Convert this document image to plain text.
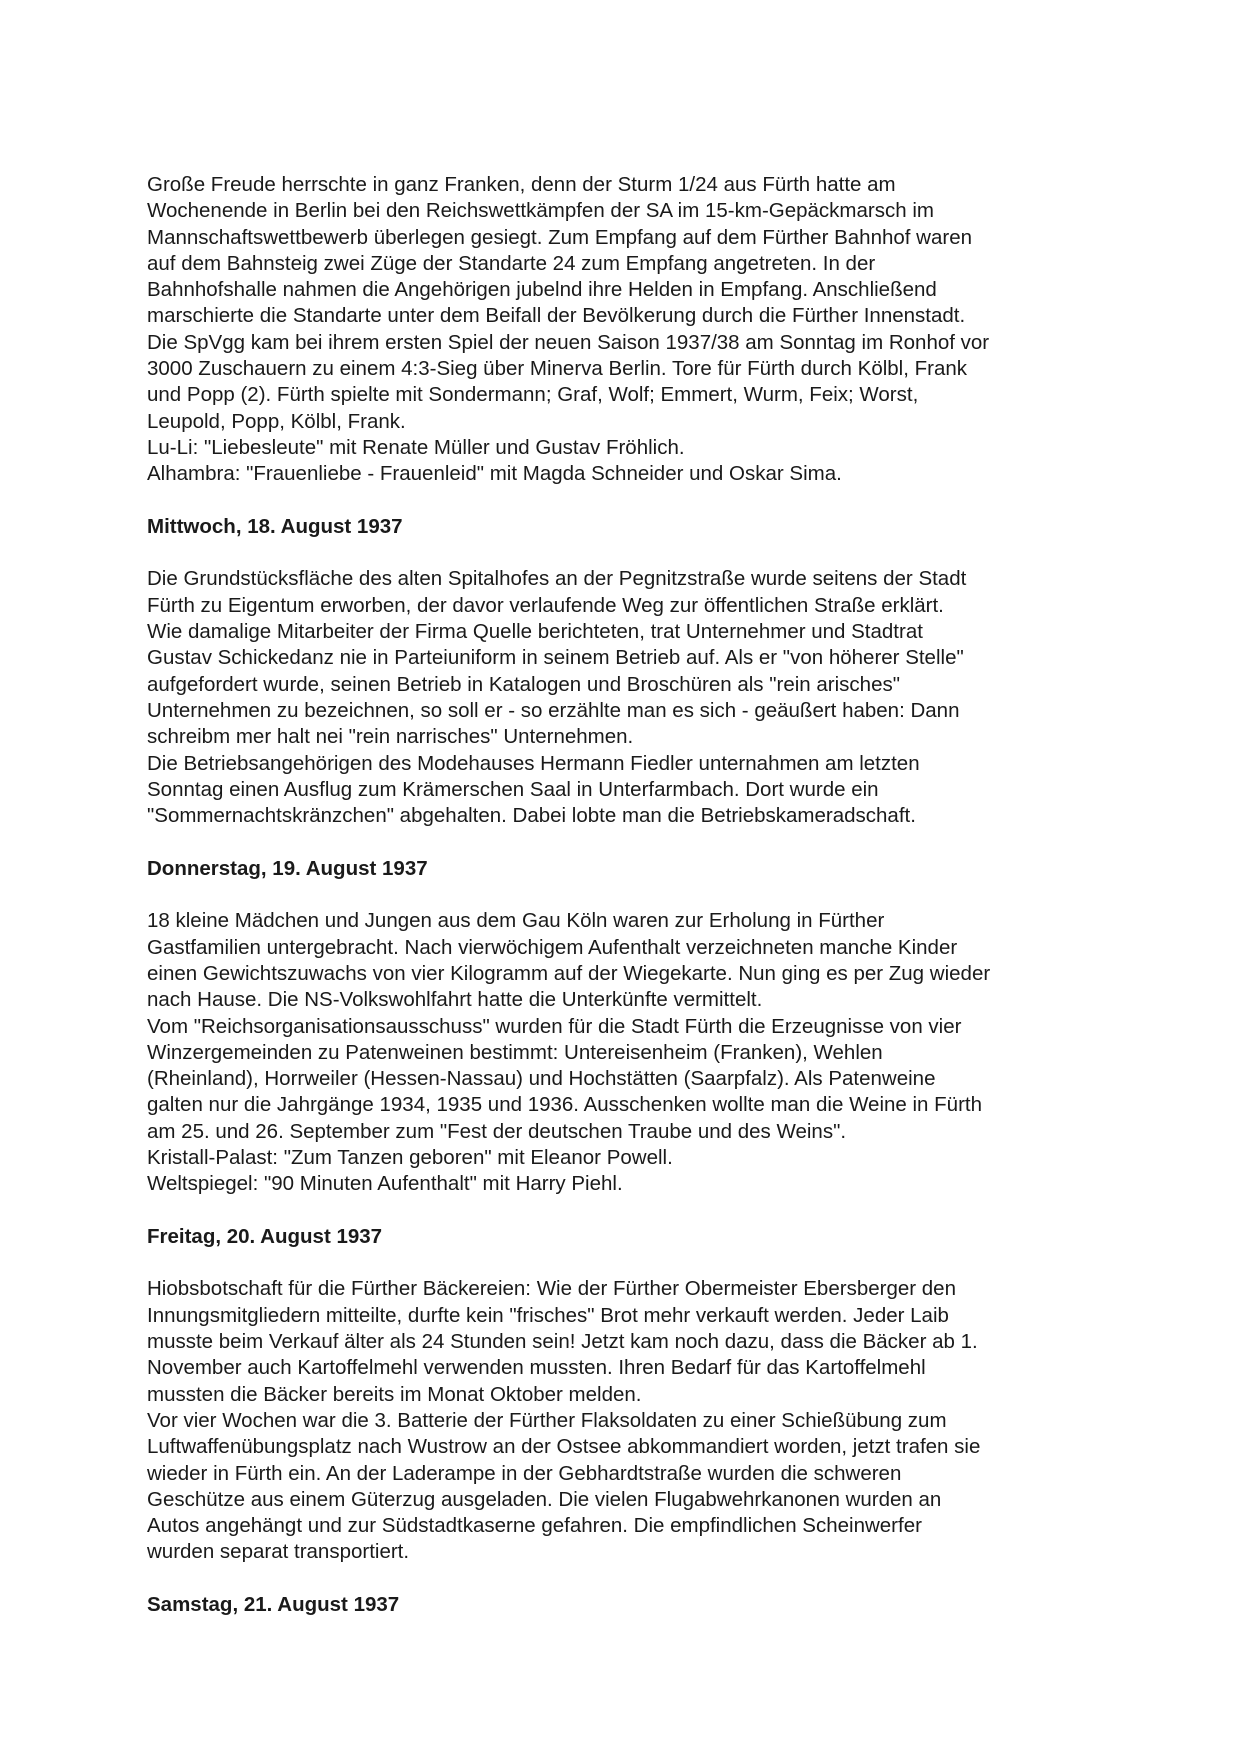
Große Freude herrschte in ganz Franken, denn der Sturm 1/24 aus Fürth hatte am
Wochenende in Berlin bei den Reichswettkämpfen der SA im 15-km-Gepäckmarsch im
Mannschaftswettbewerb überlegen gesiegt. Zum Empfang auf dem Fürther Bahnhof waren
auf dem Bahnsteig zwei Züge der Standarte 24 zum Empfang angetreten. In der
Bahnhofshalle nahmen die Angehörigen jubelnd ihre Helden in Empfang. Anschließend
marschierte die Standarte unter dem Beifall der Bevölkerung durch die Fürther Innenstadt.
Die SpVgg kam bei ihrem ersten Spiel der neuen Saison 1937/38 am Sonntag im Ronhof vor
3000 Zuschauern zu einem 4:3-Sieg über Minerva Berlin. Tore für Fürth durch Kölbl, Frank
und Popp (2). Fürth spielte mit Sondermann; Graf, Wolf; Emmert, Wurm, Feix; Worst,
Leupold, Popp, Kölbl, Frank.
Lu-Li: "Liebesleute" mit Renate Müller und Gustav Fröhlich.
Alhambra: "Frauenliebe - Frauenleid" mit Magda Schneider und Oskar Sima.
Mittwoch, 18. August 1937
Die Grundstücksfläche des alten Spitalhofes an der Pegnitzstraße wurde seitens der Stadt
Fürth zu Eigentum erworben, der davor verlaufende Weg zur öffentlichen Straße erklärt.
Wie damalige Mitarbeiter der Firma Quelle berichteten, trat Unternehmer und Stadtrat
Gustav Schickedanz nie in Parteiuniform in seinem Betrieb auf. Als er "von höherer Stelle"
aufgefordert wurde, seinen Betrieb in Katalogen und Broschüren als "rein arisches"
Unternehmen zu bezeichnen, so soll er - so erzählte man es sich - geäußert haben: Dann
schreibm mer halt nei "rein narrisches" Unternehmen.
Die Betriebsangehörigen des Modehauses Hermann Fiedler unternahmen am letzten
Sonntag einen Ausflug zum Krämerschen Saal in Unterfarmbach. Dort wurde ein
"Sommernachtskränzchen" abgehalten. Dabei lobte man die Betriebskameradschaft.
Donnerstag, 19. August 1937
18 kleine Mädchen und Jungen aus dem Gau Köln waren zur Erholung in Fürther
Gastfamilien untergebracht. Nach vierwöchigem Aufenthalt verzeichneten manche Kinder
einen Gewichtszuwachs von vier Kilogramm auf der Wiegekarte. Nun ging es per Zug wieder
nach Hause. Die NS-Volkswohlfahrt hatte die Unterkünfte vermittelt.
Vom "Reichsorganisationsausschuss" wurden für die Stadt Fürth die Erzeugnisse von vier
Winzergemeinden zu Patenweinen bestimmt: Untereisenheim (Franken), Wehlen
(Rheinland), Horrweiler (Hessen-Nassau) und Hochstätten (Saarpfalz). Als Patenweine
galten nur die Jahrgänge 1934, 1935 und 1936. Ausschenken wollte man die Weine in Fürth
am 25. und 26. September zum "Fest der deutschen Traube und des Weins".
Kristall-Palast: "Zum Tanzen geboren" mit Eleanor Powell.
Weltspiegel: "90 Minuten Aufenthalt" mit Harry Piehl.
Freitag, 20. August 1937
Hiobsbotschaft für die Fürther Bäckereien: Wie der Fürther Obermeister Ebersberger den
Innungsmitgliedern mitteilte, durfte kein "frisches" Brot mehr verkauft werden. Jeder Laib
musste beim Verkauf älter als 24 Stunden sein! Jetzt kam noch dazu, dass die Bäcker ab 1.
November auch Kartoffelmehl verwenden mussten. Ihren Bedarf für das Kartoffelmehl
mussten die Bäcker bereits im Monat Oktober melden.
Vor vier Wochen war die 3. Batterie der Fürther Flaksoldaten zu einer Schießübung zum
Luftwaffenübungsplatz nach Wustrow an der Ostsee abkommandiert worden, jetzt trafen sie
wieder in Fürth ein. An der Laderampe in der Gebhardtstraße wurden die schweren
Geschütze aus einem Güterzug ausgeladen. Die vielen Flugabwehrkanonen wurden an
Autos angehängt und zur Südstadtkaserne gefahren. Die empfindlichen Scheinwerfer
wurden separat transportiert.
Samstag, 21. August 1937
